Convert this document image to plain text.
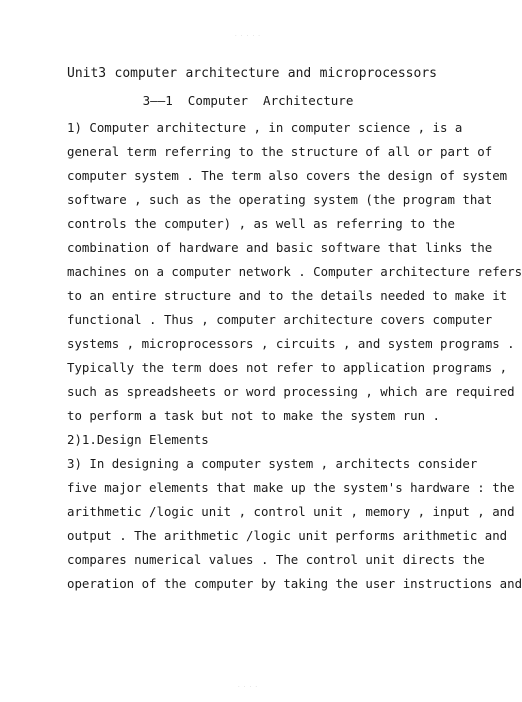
· · · · ·
Unit3 computer architecture and microprocessors
3——1  Computer  Architecture
1) Computer architecture , in computer science , is a
general term referring to the structure of all or part of
computer system . The term also covers the design of system
software , such as the operating system (the program that
controls the computer) , as well as referring to the
combination of hardware and basic software that links the
machines on a computer network . Computer architecture refers
to an entire structure and to the details needed to make it
functional . Thus , computer architecture covers computer
systems , microprocessors , circuits , and system programs .
Typically the term does not refer to application programs ,
such as spreadsheets or word processing , which are required
to perform a task but not to make the system run .
2)1.Design Elements
3) In designing a computer system , architects consider
five major elements that make up the system's hardware : the
arithmetic /logic unit , control unit , memory , input , and
output . The arithmetic /logic unit performs arithmetic and
compares numerical values . The control unit directs the
operation of the computer by taking the user instructions and
· · · ·
